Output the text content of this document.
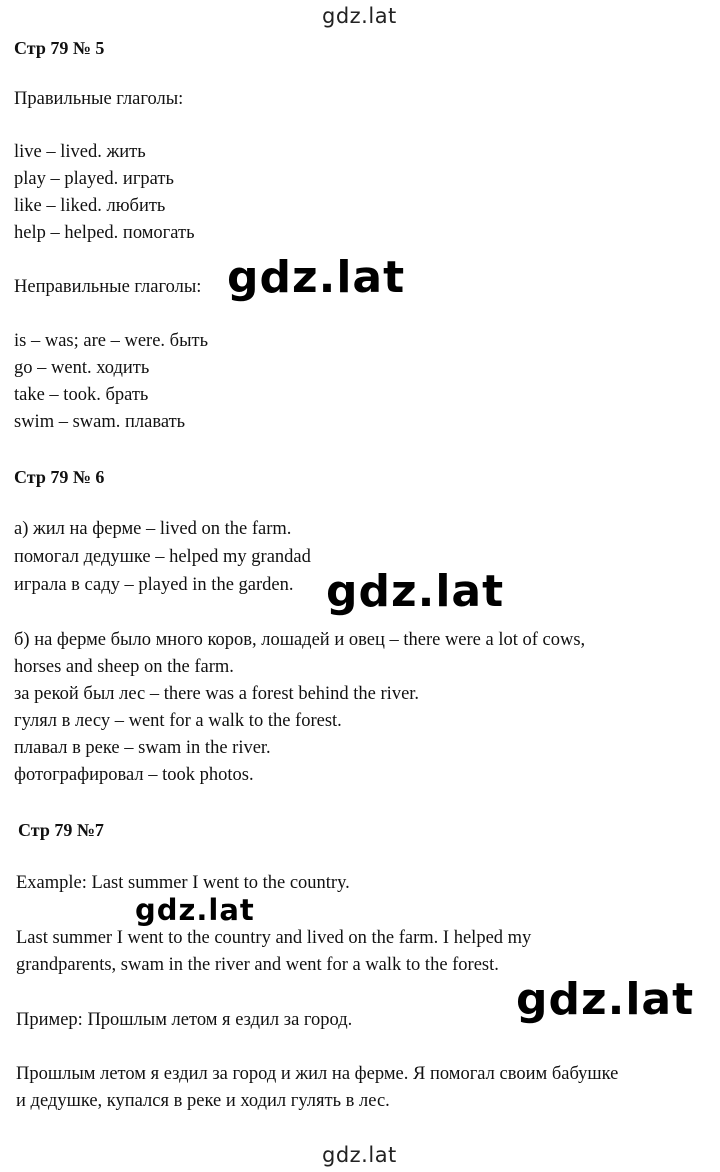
gdz.lat
Стр 79 № 5
Правильные глаголы:
live – lived. жить
play – played. играть
like – liked. любить
help – helped. помогать
Неправильные глаголы:
is – was; are – were. быть
go – went. ходить
take – took. брать
swim – swam. плавать
Стр 79 № 6
а) жил на ферме – lived on the farm.
помогал дедушке – helped my grandad
играла в саду – played in the garden.
б) на ферме было много коров, лошадей и овец – there were a lot of cows,
horses and sheep on the farm.
за рекой был лес – there was a forest behind the river.
гулял в лесу – went for a walk to the forest.
плавал в реке – swam in the river.
фотографировал – took photos.
Стр 79 №7
Example: Last summer I went to the country.
Last summer I went to the country and lived on the farm. I helped my
grandparents, swam in the river and went for a walk to the forest.
Пример: Прошлым летом я ездил за город.
Прошлым летом я ездил за город и жил на ферме. Я помогал своим бабушке
и дедушке, купался в реке и ходил гулять в лес.
gdz.lat
gdz.lat
gdz.lat
gdz.lat
gdz.lat
